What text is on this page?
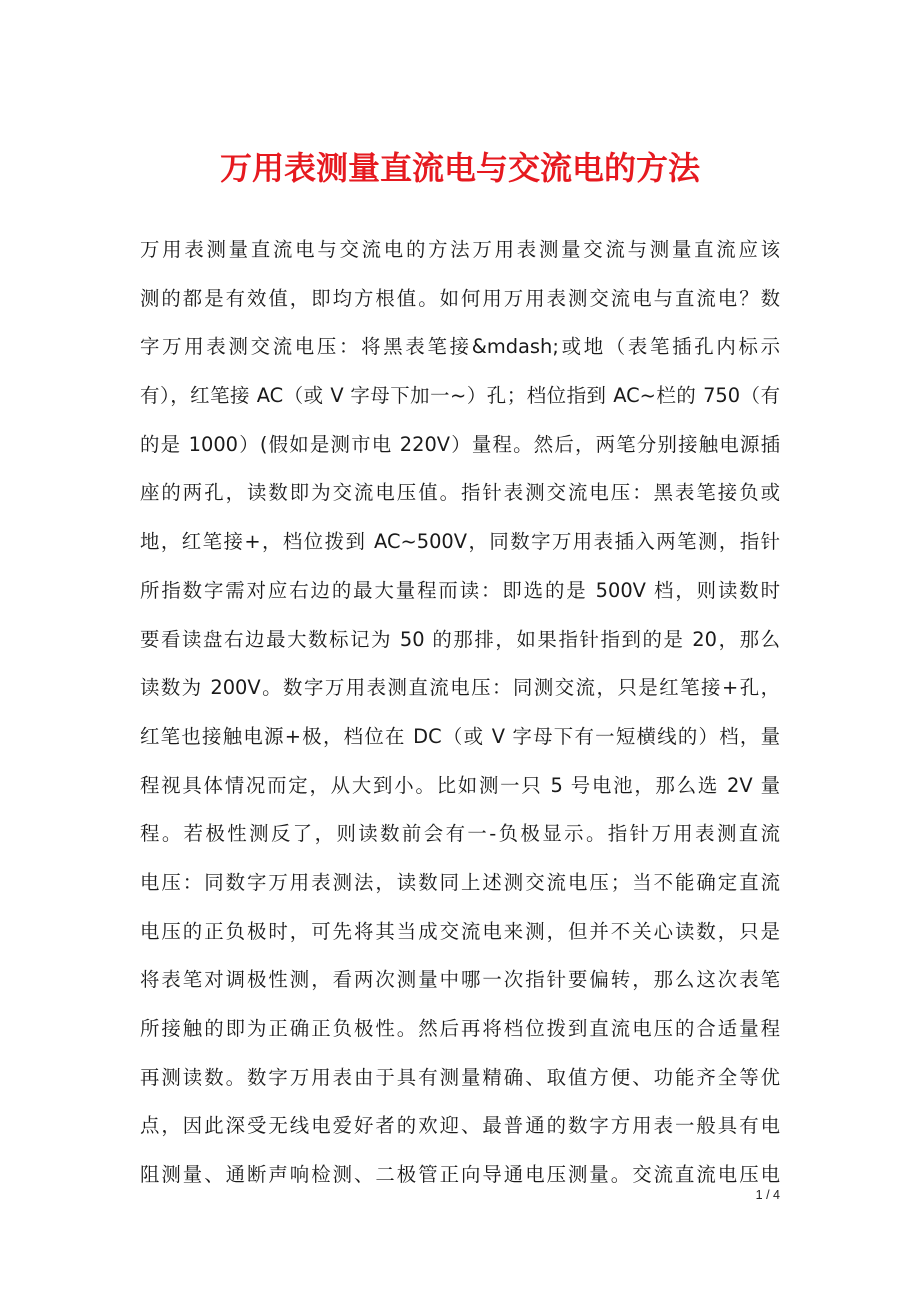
万用表测量直流电与交流电的方法
万用表测量直流电与交流电的方法万用表测量交流与测量直流应该
测的都是有效值，即均方根值。如何用万用表测交流电与直流电？数
字万用表测交流电压：将黑表笔接&mdash;或地（表笔插孔内标示
有），红笔接 AC（或 V 字母下加一~）孔；档位指到 AC~栏的 750（有
的是 1000）(假如是测市电 220V）量程。然后，两笔分别接触电源插
座的两孔，读数即为交流电压值。指针表测交流电压：黑表笔接负或
地，红笔接+，档位拨到 AC~500V，同数字万用表插入两笔测，指针
所指数字需对应右边的最大量程而读：即选的是 500V 档，则读数时
要看读盘右边最大数标记为 50 的那排，如果指针指到的是 20，那么
读数为 200V。数字万用表测直流电压：同测交流，只是红笔接+孔，
红笔也接触电源+极，档位在 DC（或 V 字母下有一短横线的）档，量
程视具体情况而定，从大到小。比如测一只 5 号电池，那么选 2V 量
程。若极性测反了，则读数前会有一-负极显示。指针万用表测直流
电压：同数字万用表测法，读数同上述测交流电压；当不能确定直流
电压的正负极时，可先将其当成交流电来测，但并不关心读数，只是
将表笔对调极性测，看两次测量中哪一次指针要偏转，那么这次表笔
所接触的即为正确正负极性。然后再将档位拨到直流电压的合适量程
再测读数。数字万用表由于具有测量精确、取值方便、功能齐全等优
点，因此深受无线电爱好者的欢迎、最普通的数字方用表一般具有电
阻测量、通断声响检测、二极管正向导通电压测量。交流直流电压电
1 / 4
